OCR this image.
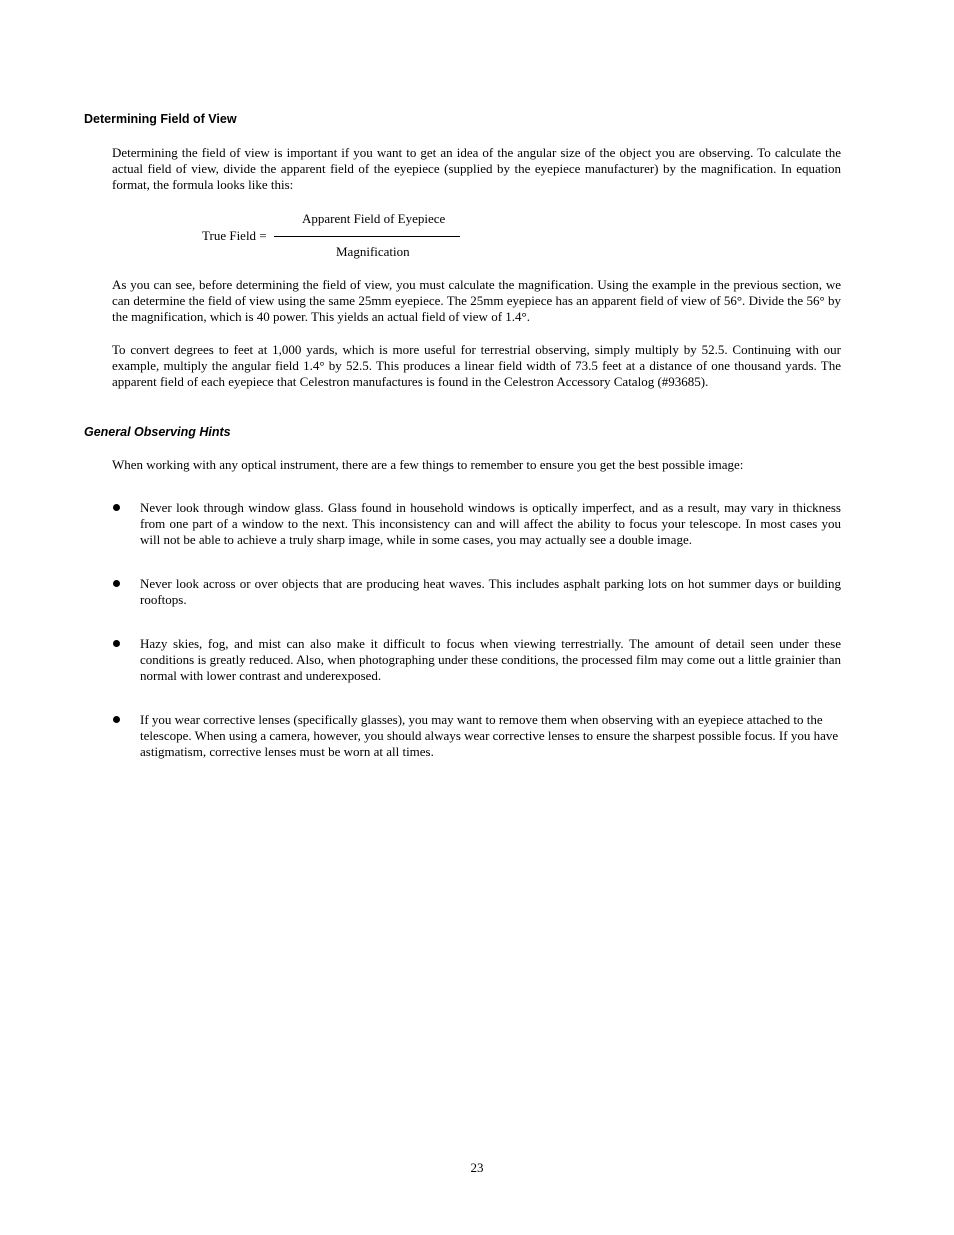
Determining Field of View

Determining the field of view is important if you want to get an idea of the angular size of the object you are observing. To calculate the actual field of view, divide the apparent field of the eyepiece (supplied by the eyepiece manufacturer) by the magnification. In equation format, the formula looks like this:

Apparent Field of Eyepiece
True Field =
Magnification

As you can see, before determining the field of view, you must calculate the magnification. Using the example in the previous section, we can determine the field of view using the same 25mm eyepiece. The 25mm eyepiece has an apparent field of view of 56°. Divide the 56° by the magnification, which is 40 power. This yields an actual field of view of 1.4°.

To convert degrees to feet at 1,000 yards, which is more useful for terrestrial observing, simply multiply by 52.5. Continuing with our example, multiply the angular field 1.4° by 52.5. This produces a linear field width of 73.5 feet at a distance of one thousand yards. The apparent field of each eyepiece that Celestron manufactures is found in the Celestron Accessory Catalog (#93685).

General Observing Hints

When working with any optical instrument, there are a few things to remember to ensure you get the best possible image:

Never look through window glass. Glass found in household windows is optically imperfect, and as a result, may vary in thickness from one part of a window to the next. This inconsistency can and will affect the ability to focus your telescope. In most cases you will not be able to achieve a truly sharp image, while in some cases, you may actually see a double image.

Never look across or over objects that are producing heat waves. This includes asphalt parking lots on hot summer days or building rooftops.

Hazy skies, fog, and mist can also make it difficult to focus when viewing terrestrially. The amount of detail seen under these conditions is greatly reduced. Also, when photographing under these conditions, the processed film may come out a little grainier than normal with lower contrast and underexposed.

If you wear corrective lenses (specifically glasses), you may want to remove them when observing with an eyepiece attached to the telescope. When using a camera, however, you should always wear corrective lenses to ensure the sharpest possible focus. If you have astigmatism, corrective lenses must be worn at all times.

23
